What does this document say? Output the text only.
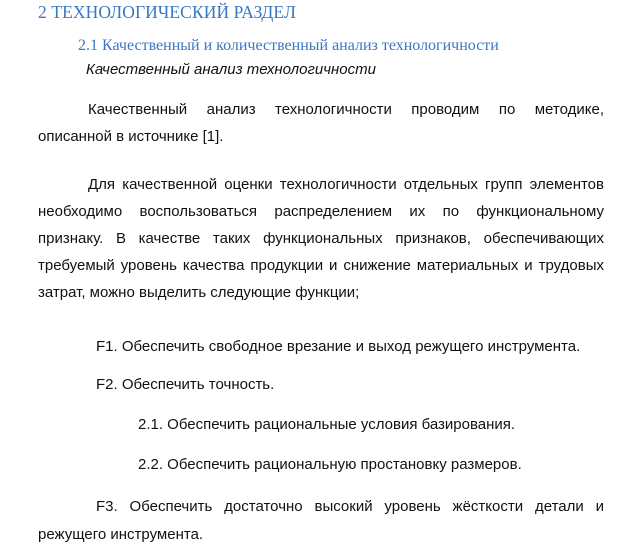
2 ТЕХНОЛОГИЧЕСКИЙ РАЗДЕЛ
2.1 Качественный и количественный анализ технологичности
Качественный анализ технологичности

Качественный анализ технологичности проводим по методике, описанной в источнике [1].

Для качественной оценки технологичности отдельных групп элементов необходимо воспользоваться распределением их по функциональному признаку. В качестве таких функциональных признаков, обеспечивающих требуемый уровень качества продукции и снижение материальных и трудовых затрат, можно выделить следующие функции;

F1. Обеспечить свободное врезание и выход режущего инструмента.

F2. Обеспечить точность.

2.1. Обеспечить рациональные условия базирования.

2.2. Обеспечить рациональную простановку размеров.

F3. Обеспечить достаточно высокий уровень жёсткости детали и режущего инструмента.
